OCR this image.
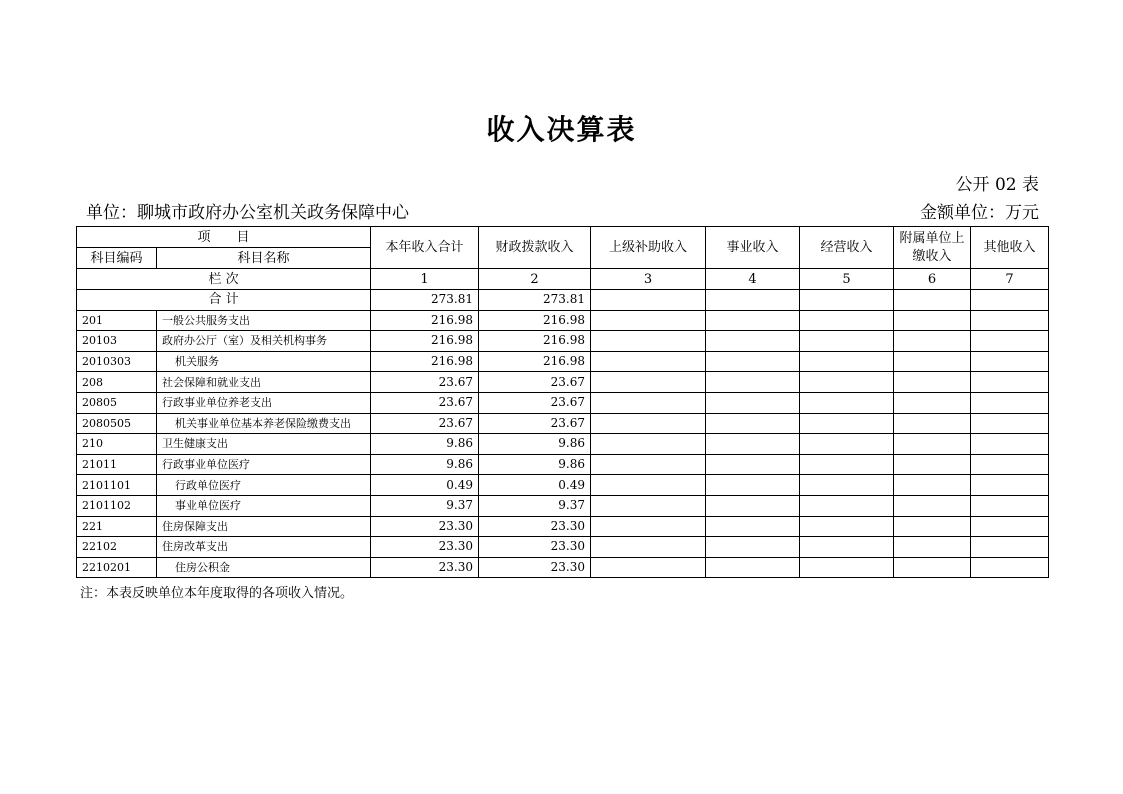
收入决算表
公开 02 表
单位：聊城市政府办公室机关政务保障中心	金额单位：万元
项　　目		本年收入合计	财政拨款收入	上级补助收入	事业收入	经营收入	附属单位上缴收入	其他收入
科目编码	科目名称							
栏 次		1	2	3	4	5	6	7
合 计		273.81	273.81					
201	一般公共服务支出	216.98	216.98					
20103	政府办公厅（室）及相关机构事务	216.98	216.98					
2010303	机关服务	216.98	216.98					
208	社会保障和就业支出	23.67	23.67					
20805	行政事业单位养老支出	23.67	23.67					
2080505	机关事业单位基本养老保险缴费支出	23.67	23.67					
210	卫生健康支出	9.86	9.86					
21011	行政事业单位医疗	9.86	9.86					
2101101	行政单位医疗	0.49	0.49					
2101102	事业单位医疗	9.37	9.37					
221	住房保障支出	23.30	23.30					
22102	住房改革支出	23.30	23.30					
2210201	住房公积金	23.30	23.30					
注：本表反映单位本年度取得的各项收入情况。
